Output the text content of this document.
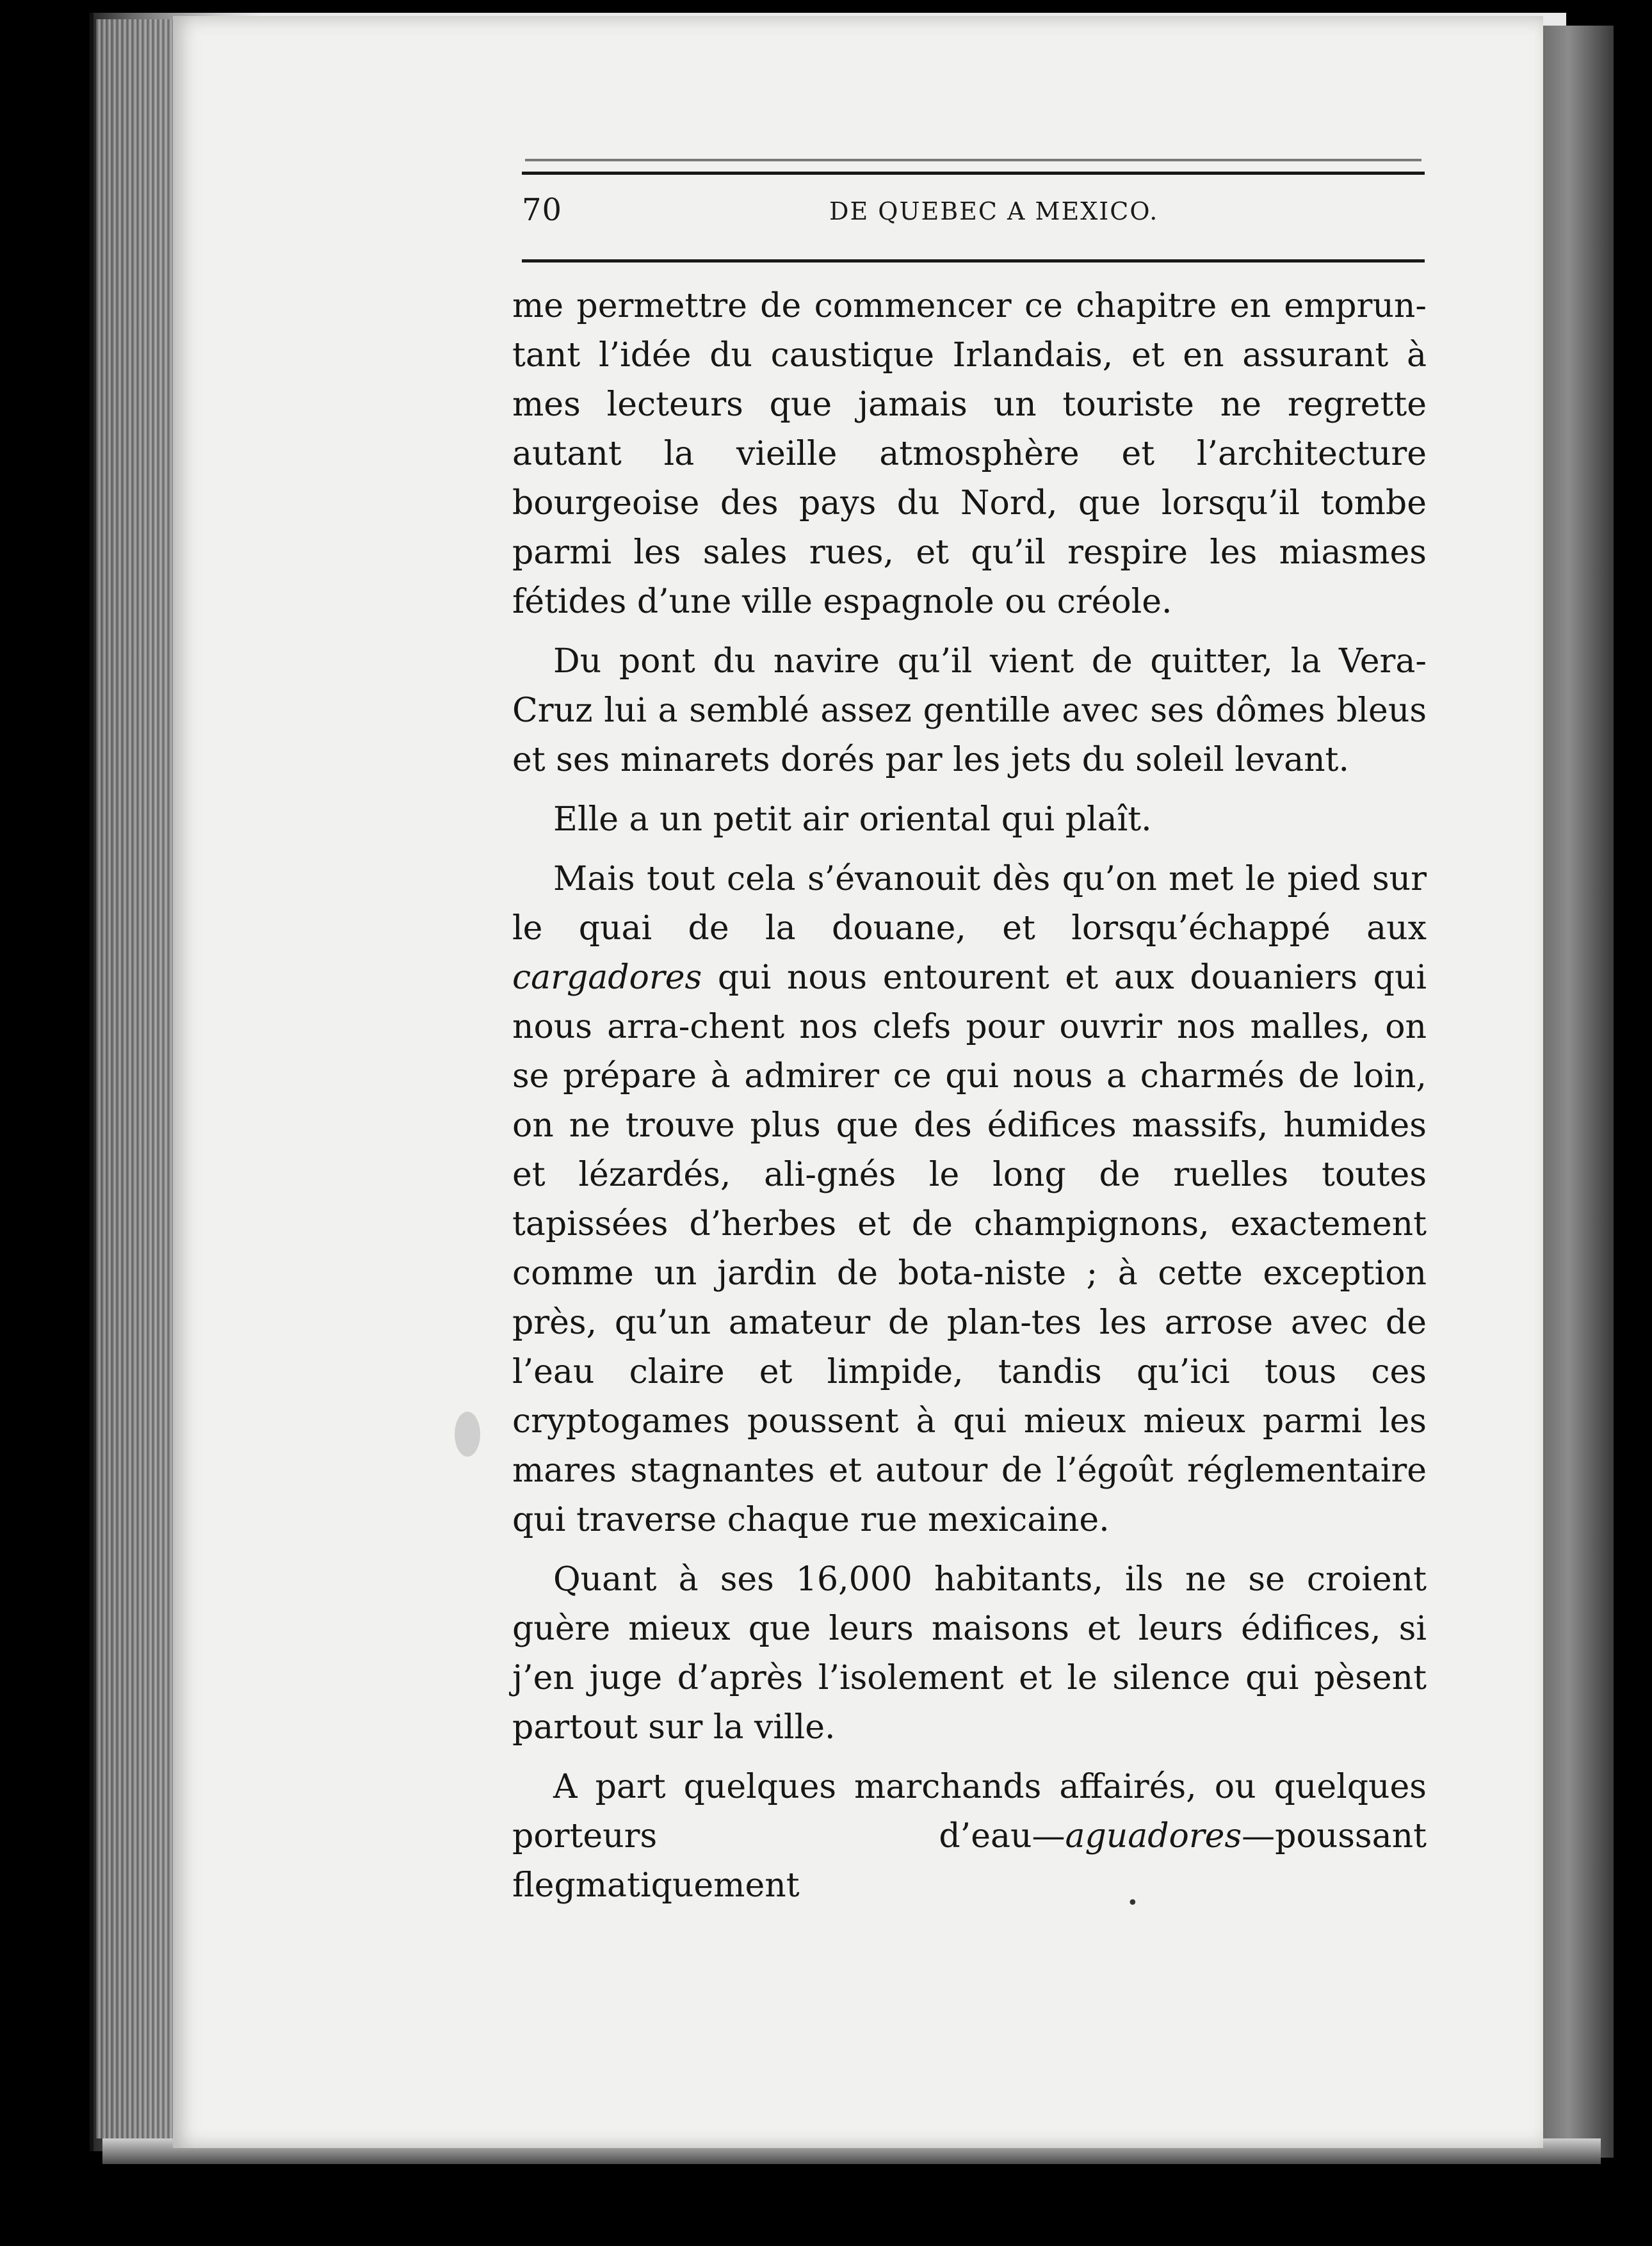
70	DE QUEBEC A MEXICO.

me permettre de commencer ce chapitre en emprun-tant l’idée du caustique Irlandais, et en assurant à mes lecteurs que jamais un touriste ne regrette autant la vieille atmosphère et l’architecture bourgeoise des pays du Nord, que lorsqu’il tombe parmi les sales rues, et qu’il respire les miasmes fétides d’une ville espagnole ou créole.

Du pont du navire qu’il vient de quitter, la Vera-Cruz lui a semblé assez gentille avec ses dômes bleus et ses minarets dorés par les jets du soleil levant.

Elle a un petit air oriental qui plaît.

Mais tout cela s’évanouit dès qu’on met le pied sur le quai de la douane, et lorsqu’échappé aux cargadores qui nous entourent et aux douaniers qui nous arra-chent nos clefs pour ouvrir nos malles, on se prépare à admirer ce qui nous a charmés de loin, on ne trouve plus que des édifices massifs, humides et lézardés, ali-gnés le long de ruelles toutes tapissées d’herbes et de champignons, exactement comme un jardin de bota-niste ; à cette exception près, qu’un amateur de plan-tes les arrose avec de l’eau claire et limpide, tandis qu’ici tous ces cryptogames poussent à qui mieux mieux parmi les mares stagnantes et autour de l’égoût réglementaire qui traverse chaque rue mexicaine.

Quant à ses 16,000 habitants, ils ne se croient guère mieux que leurs maisons et leurs édifices, si j’en juge d’après l’isolement et le silence qui pèsent partout sur la ville.

A part quelques marchands affairés, ou quelques porteurs d’eau—aguadores—poussant flegmatiquement	•
